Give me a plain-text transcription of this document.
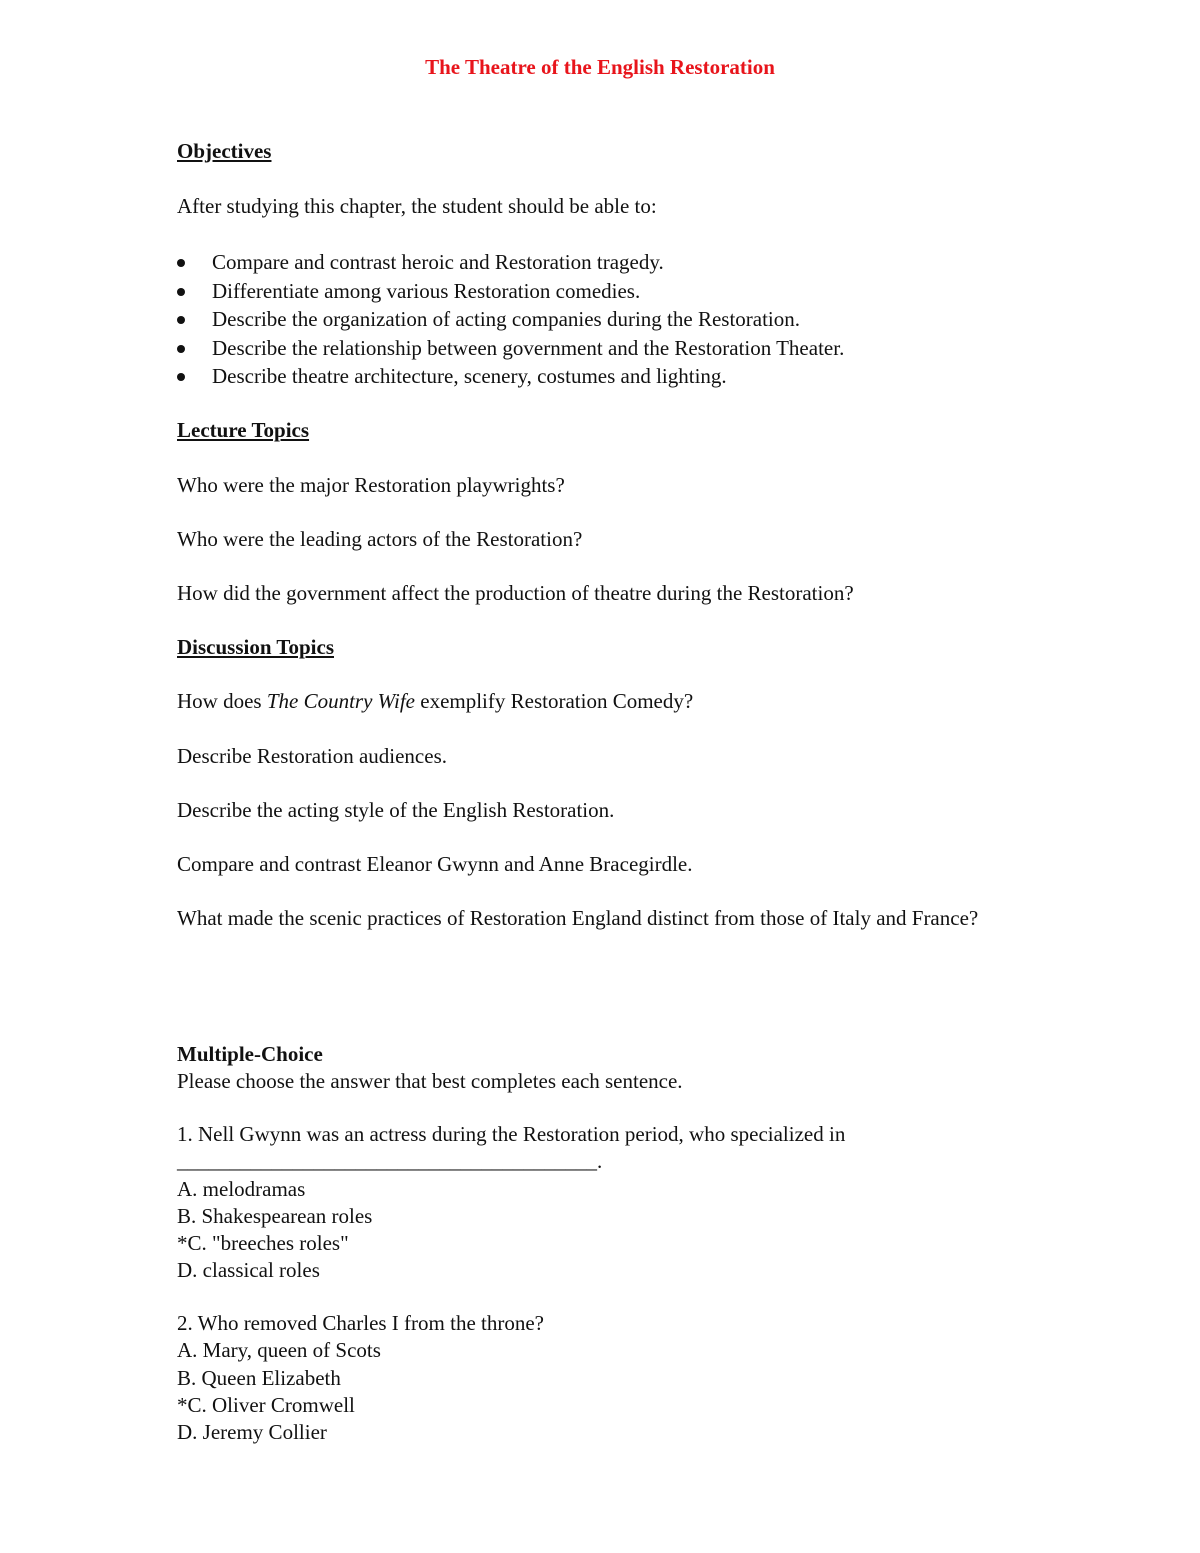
The Theatre of the English Restoration

Objectives

After studying this chapter, the student should be able to:

Compare and contrast heroic and Restoration tragedy.
Differentiate among various Restoration comedies.
Describe the organization of acting companies during the Restoration.
Describe the relationship between government and the Restoration Theater.
Describe theatre architecture, scenery, costumes and lighting.

Lecture Topics

Who were the major Restoration playwrights?

Who were the leading actors of the Restoration?

How did the government affect the production of theatre during the Restoration?

Discussion Topics

How does The Country Wife exemplify Restoration Comedy?

Describe Restoration audiences.

Describe the acting style of the English Restoration.

Compare and contrast Eleanor Gwynn and Anne Bracegirdle.

What made the scenic practices of Restoration England distinct from those of Italy and France?

Multiple-Choice

Please choose the answer that best completes each sentence.

1. Nell Gwynn was an actress during the Restoration period, who specialized in
________________________________________.
A. melodramas
B. Shakespearean roles
*C. "breeches roles"
D. classical roles
2. Who removed Charles I from the throne?
A. Mary, queen of Scots
B. Queen Elizabeth
*C. Oliver Cromwell
D. Jeremy Collier
